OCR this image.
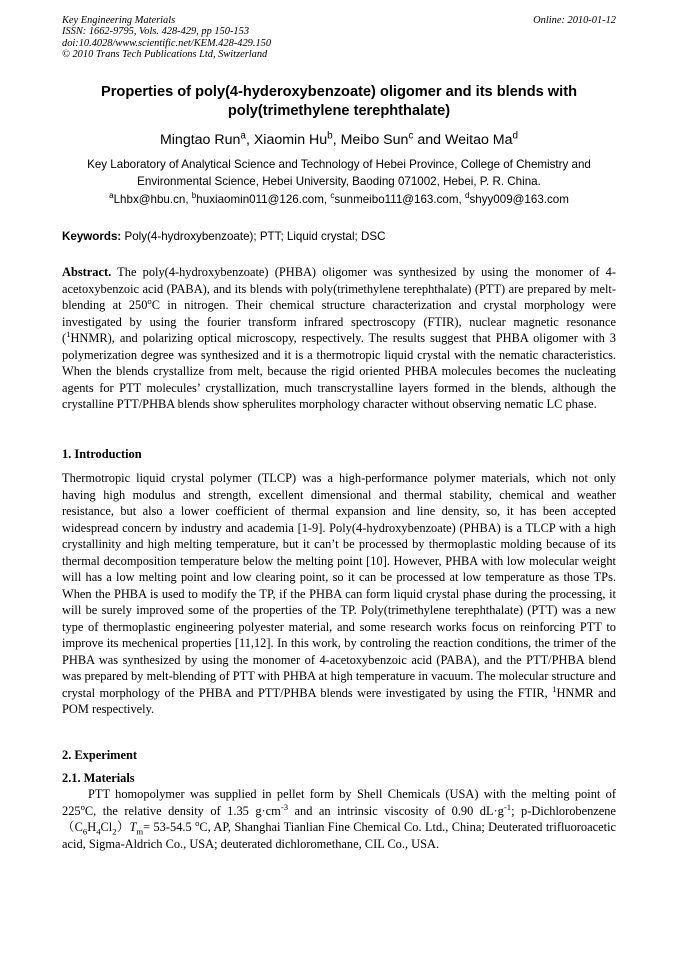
Key Engineering Materials
ISSN: 1662-9795, Vols. 428-429, pp 150-153
doi:10.4028/www.scientific.net/KEM.428-429.150
© 2010 Trans Tech Publications Ltd, Switzerland
Online: 2010-01-12
Properties of poly(4-hyderoxybenzoate) oligomer and its blends with poly(trimethylene terephthalate)
Mingtao Run$^a$, Xiaomin Hu$^b$, Meibo Sun$^c$ and Weitao Ma$^d$
Key Laboratory of Analytical Science and Technology of Hebei Province, College of Chemistry and Environmental Science, Hebei University, Baoding 071002, Hebei, P. R. China.
$^a$Lhbx@hbu.cn, $^b$huxiaomin011@126.com, $^c$sunmeibo111@163.com, $^d$shyy009@163.com
Keywords: Poly(4-hydroxybenzoate); PTT; Liquid crystal; DSC
Abstract. The poly(4-hydroxybenzoate) (PHBA) oligomer was synthesized by using the monomer of 4-acetoxybenzoic acid (PABA), and its blends with poly(trimethylene terephthalate) (PTT) are prepared by melt-blending at 250$^o$C in nitrogen. Their chemical structure characterization and crystal morphology were investigated by using the fourier transform infrared spectroscopy (FTIR), nuclear magnetic resonance ($^1$HNMR), and polarizing optical microscopy, respectively. The results suggest that PHBA oligomer with 3 polymerization degree was synthesized and it is a thermotropic liquid crystal with the nematic characteristics. When the blends crystallize from melt, because the rigid oriented PHBA molecules becomes the nucleating agents for PTT molecules’ crystallization, much transcrystalline layers formed in the blends, although the crystalline PTT/PHBA blends show spherulites morphology character without observing nematic LC phase.
1. Introduction
Thermotropic liquid crystal polymer (TLCP) was a high-performance polymer materials, which not only having high modulus and strength, excellent dimensional and thermal stability, chemical and weather resistance, but also a lower coefficient of thermal expansion and line density, so, it has been accepted widespread concern by industry and academia [1-9]. Poly(4-hydroxybenzoate) (PHBA) is a TLCP with a high crystallinity and high melting temperature, but it can’t be processed by thermoplastic molding because of its thermal decomposition temperature below the melting point [10]. However, PHBA with low molecular weight will has a low melting point and low clearing point, so it can be processed at low temperature as those TPs. When the PHBA is used to modify the TP, if the PHBA can form liquid crystal phase during the processing, it will be surely improved some of the properties of the TP. Poly(trimethylene terephthalate) (PTT) was a new type of thermoplastic engineering polyester material, and some research works focus on reinforcing PTT to improve its mechenical properties [11,12]. In this work, by controling the reaction conditions, the trimer of the PHBA was synthesized by using the monomer of 4-acetoxybenzoic acid (PABA), and the PTT/PHBA blend was prepared by melt-blending of PTT with PHBA at high temperature in vacuum. The molecular structure and crystal morphology of the PHBA and PTT/PHBA blends were investigated by using the FTIR, $^1$HNMR and POM respectively.
2. Experiment
2.1. Materials
PTT homopolymer was supplied in pellet form by Shell Chemicals (USA) with the melting point of 225$^o$C, the relative density of 1.35 $g\cdot cm^{-3}$ and an intrinsic viscosity of 0.90 $dL\cdot g^{-1}$; $p-Dichlorobenzene(C_6H_4Cl_2)T_m= 53-54.5$ $^o$C, AP, Shanghai Tianlian Fine Chemical Co. Ltd., China; Deuterated trifluoroacetic acid, Sigma-Aldrich Co., USA; deuterated dichloromethane, CIL Co., USA.
